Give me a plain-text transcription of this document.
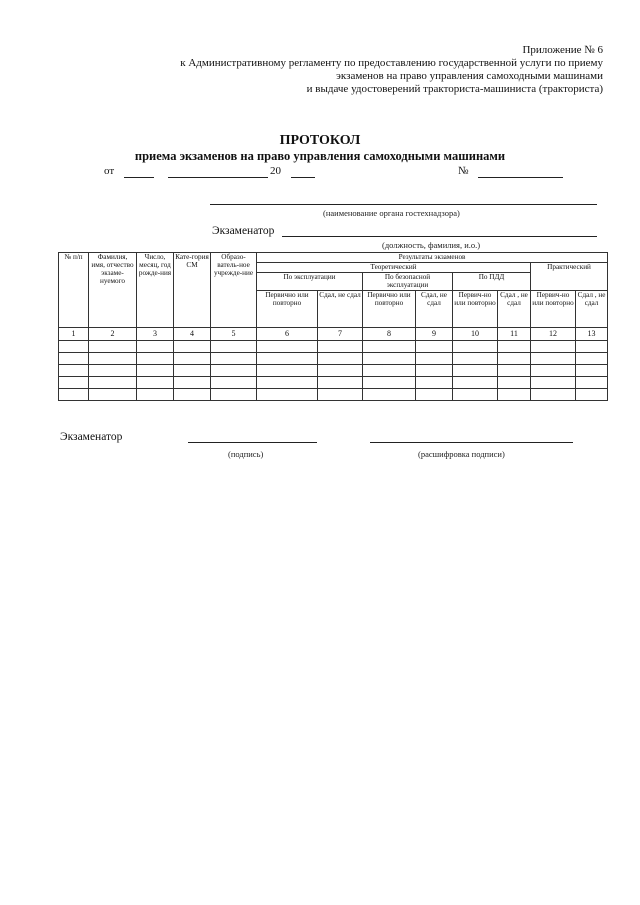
Приложение № 6
к Административному регламенту по предоставлению государственной услуги по приему
экзаменов на право управления самоходными машинами
и выдаче удостоверений тракториста-машиниста (тракториста)
ПРОТОКОЛ
приема экзаменов на право управления самоходными машинами
от	20	№
(наименование органа гостехнадзора)
Экзаменатор
(должность, фамилия, и.о.)
№ п/п	Фамилия, имя, отчество экзаме-нуемого	Число, месяц, год рожде-ния	Кате-гория СМ	Образо-ватель-ное учрежде-ние	Результаты экзаменов							
					Теоретический						Практический	
					По эксплуатации		По безопасной эксплуатации		По ПДД			
					Первично или повторно	Сдал, не сдал	Первично или повторно	Сдал, не сдал	Первич-но или повторно	Сдал , не сдал	Первич-но или повторно	Сдал , не сдал
1	2	3	4	5	6	7	8	9	10	11	12	13

Экзаменатор
(подпись)	(расшифровка подписи)
